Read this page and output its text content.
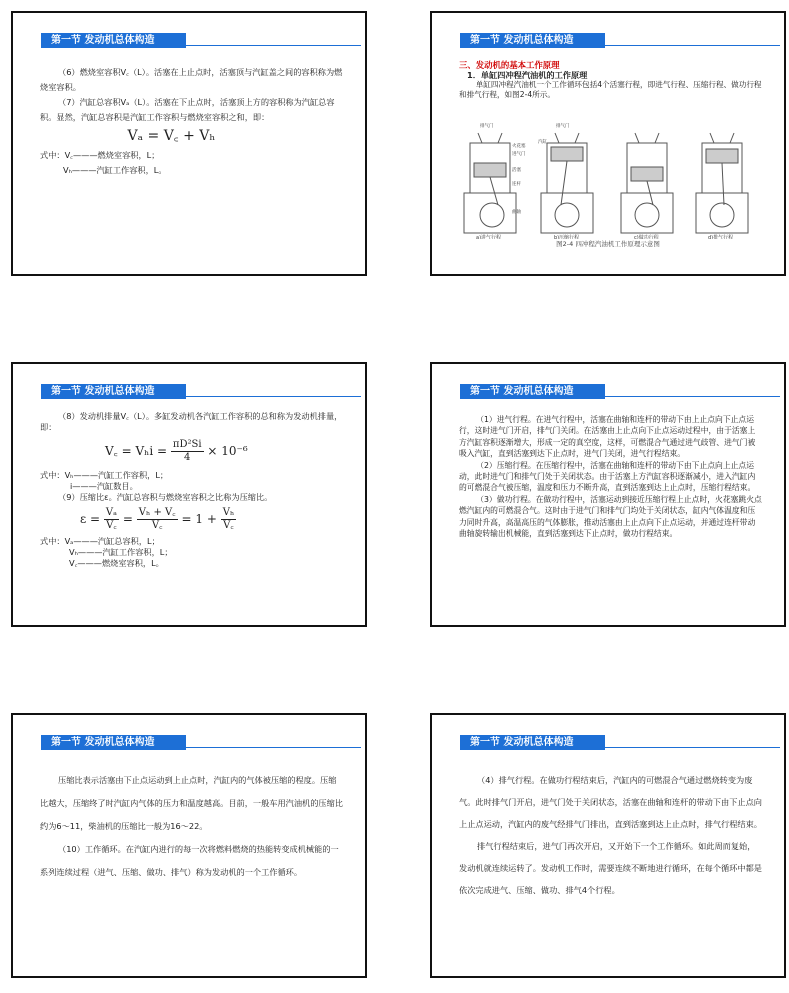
第一节 发动机总体构造

（6）燃烧室容积V꜀（L）。活塞在上止点时，活塞顶与汽缸盖之间的容积称为燃烧室容积。

（7）汽缸总容积Vₐ（L）。活塞在下止点时，活塞顶上方的容积称为汽缸总容积。显然，汽缸总容积是汽缸工作容积与燃烧室容积之和，即：

Vₐ = V꜀ + Vₕ

式中：V꜀———燃烧室容积，L；

Vₕ———汽缸工作容积，L。

第一节 发动机总体构造

三、发动机的基本工作原理

1．单缸四冲程汽油机的工作原理

单缸四冲程汽油机一个工作循环包括4个活塞行程，即进气行程、压缩行程、做功行程和排气行程，如图2-4所示。

排气门
火花塞
进气门
活塞
连杆
曲轴
排气门
汽缸
a)进气行程	b)压缩行程	c)做功行程	d)排气行程
图2-4 四冲程汽油机工作原理示意图
第一节 发动机总体构造

（8）发动机排量V꜀（L）。多缸发动机各汽缸工作容积的总和称为发动机排量，即：

V꜀ = $V_hi = \frac{\text{πD²Si}}{4} \times 10^{-6}$

式中：Vₕ———汽缸工作容积，L；

i———汽缸数目。

（9）压缩比ε。汽缸总容积与燃烧室容积之比称为压缩比。

$\varepsilon = \frac{\text{Vₐ}}{V꜀} = \frac{\text{Vₕ + V꜀}}{V꜀} = 1 + \frac{\text{Vₕ}}{V꜀}$

式中：Vₐ———汽缸总容积，L；

Vₕ———汽缸工作容积，L；

V꜀———燃烧室容积，L。

第一节 发动机总体构造

（1）进气行程。在进气行程中，活塞在曲轴和连杆的带动下由上止点向下止点运行，这时进气门开启，排气门关闭。在活塞由上止点向下止点运动过程中，由于活塞上方汽缸容积逐渐增大，形成一定的真空度，这样，可燃混合气通过进气歧管、进气门被吸入汽缸，直到活塞到达下止点时，进气门关闭，进气行程结束。

（2）压缩行程。在压缩行程中，活塞在曲轴和连杆的带动下由下止点向上止点运动，此时进气门和排气门处于关闭状态。由于活塞上方汽缸容积逐渐减小，进入汽缸内的可燃混合气被压缩，温度和压力不断升高，直到活塞到达上止点时，压缩行程结束。

（3）做功行程。在做功行程中，活塞运动到接近压缩行程上止点时，火花塞跳火点燃汽缸内的可燃混合气。这时由于进气门和排气门均处于关闭状态，缸内气体温度和压力同时升高，高温高压的气体膨胀，推动活塞由上止点向下止点运动，并通过连杆带动曲轴旋转输出机械能，直到活塞到达下止点时，做功行程结束。

第一节 发动机总体构造

压缩比表示活塞由下止点运动到上止点时，汽缸内的气体被压缩的程度。压缩比越大，压缩终了时汽缸内气体的压力和温度越高。目前，一般车用汽油机的压缩比约为6～11，柴油机的压缩比一般为16～22。

（10）工作循环。在汽缸内进行的每一次将燃料燃烧的热能转变成机械能的一系列连续过程（进气、压缩、做功、排气）称为发动机的一个工作循环。

第一节 发动机总体构造

（4）排气行程。在做功行程结束后，汽缸内的可燃混合气通过燃烧转变为废气。此时排气门开启，进气门处于关闭状态，活塞在曲轴和连杆的带动下由下止点向上止点运动，汽缸内的废气经排气门排出，直到活塞到达上止点时，排气行程结束。

排气行程结束后，进气门再次开启，又开始下一个工作循环。如此周而复始，发动机就连续运转了。发动机工作时，需要连续不断地进行循环，在每个循环中都是依次完成进气、压缩、做功、排气4个行程。
